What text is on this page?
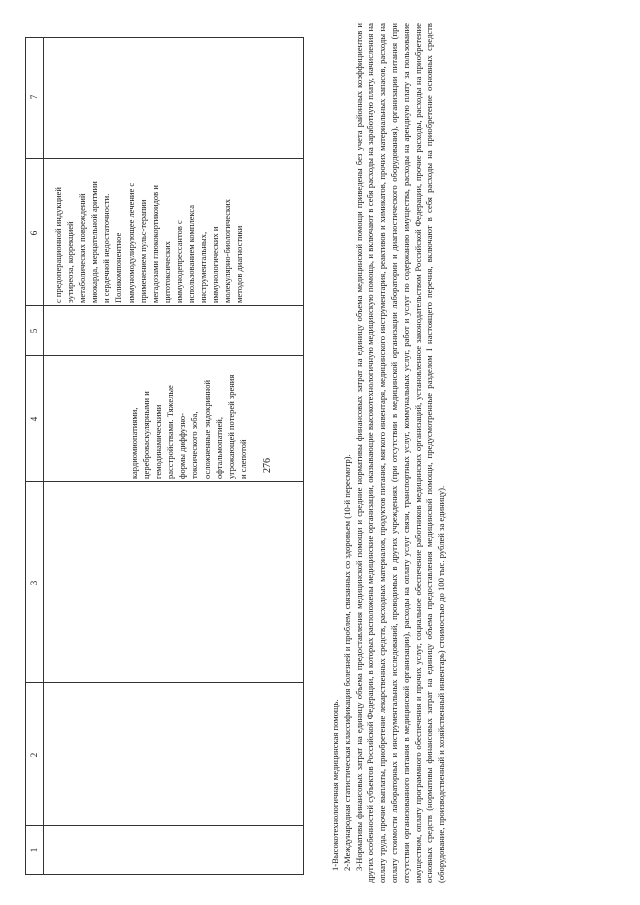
1
2
3
4
5
6
7
кардиомиопатиями,
цереброваскулярными и
гемодинамическими
расстройствами. Тяжелые
формы диффузно-
токсического зоба,
осложненные эндокринной
офтальмопатией,
угрожающей потерей зрения
и слепотой
с предоперационной индукцией
эутиреоза, коррекцией
метаболических повреждений
миокарда, мерцательной аритмии
и сердечной недостаточности.
Поликомпонентное
иммуномодулирующее лечение с
применением пульс-терапии
мегадозами глюкокортикоидов и
цитотоксических
иммунодепрессантов с
использованием комплекса
инструментальных,
иммунологических и
молекулярно-биологических
методов диагностики
276

1-Высокотехнологичная медицинская помощь. 2-Международная статистическая классификация болезней и проблем, связанных со здоровьем (10-й пересмотр). 3-Нормативы финансовых затрат на единицу объема предоставления медицинской помощи и средние нормативы финансовых затрат на единицу объема медицинской помощи приведены без учета районных коэффициентов и других особенностей субъектов Российской Федерации, в которых расположены медицинские организации, оказывающие высокотехнологичную медицинскую помощь, и включают в себя расходы на заработную плату, начисления на оплату труда, прочие выплаты, приобретение лекарственных средств, расходных материалов, продуктов питания, мягкого инвентаря, медицинского инструментария, реактивов и химикатов, прочих материальных запасов, расходы на оплату стоимости лабораторных и инструментальных исследований, проводимых в других учреждениях (при отсутствии в медицинской организации лаборатории и диагностического оборудования), организации питания (при отсутствии организованного питания в медицинской организации), расходы на оплату услуг связи, транспортных услуг, коммунальных услуг, работ и услуг по содержанию имущества, расходы на арендную плату за пользование имуществом, оплату программного обеспечения и прочих услуг, социальное обеспечение работников медицинских организаций, установленное законодательством Российской Федерации, прочие расходы, расходы на приобретение основных средств (нормативы финансовых затрат на единицу объема предоставления медицинской помощи, предусмотренные разделом I настоящего перечня, включают в себя расходы на приобретение основных средств (оборудование, производственный и хозяйственный инвентарь) стоимостью до 100 тыс. рублей за единицу).
